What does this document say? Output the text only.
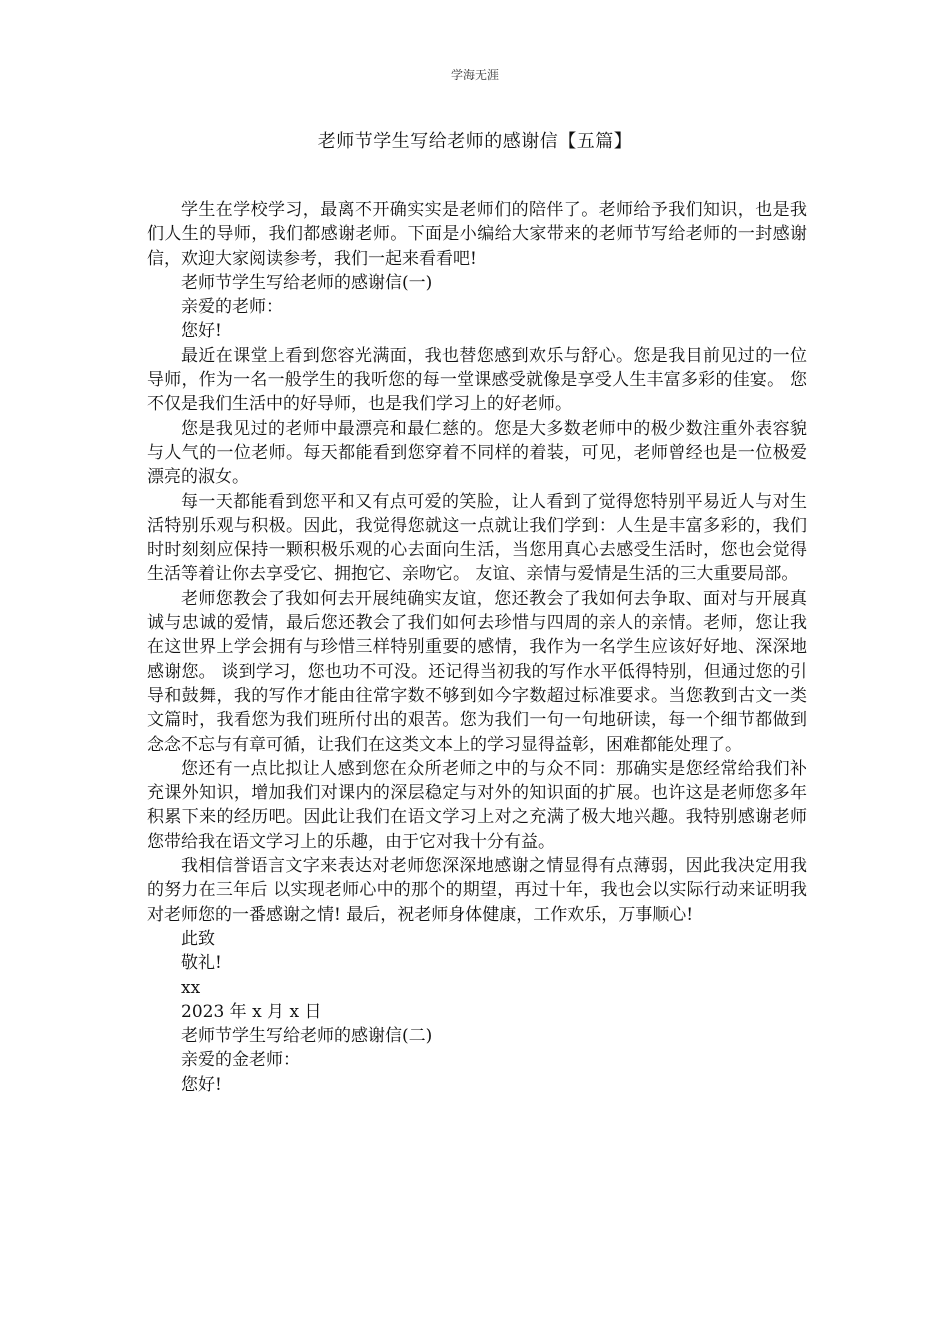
学海无涯
老师节学生写给老师的感谢信【五篇】

学生在学校学习，最离不开确实实是老师们的陪伴了。老师给予我们知识，也是我们人生的导师，我们都感谢老师。下面是小编给大家带来的老师节写给老师的一封感谢信，欢迎大家阅读参考，我们一起来看看吧!

老师节学生写给老师的感谢信(一)

亲爱的老师：

您好!

最近在课堂上看到您容光满面，我也替您感到欢乐与舒心。您是我目前见过的一位导师，作为一名一般学生的我听您的每一堂课感受就像是享受人生丰富多彩的佳宴。 您不仅是我们生活中的好导师，也是我们学习上的好老师。

您是我见过的老师中最漂亮和最仁慈的。您是大多数老师中的极少数注重外表容貌与人气的一位老师。每天都能看到您穿着不同样的着装，可见，老师曾经也是一位极爱漂亮的淑女。

每一天都能看到您平和又有点可爱的笑脸，让人看到了觉得您特别平易近人与对生活特别乐观与积极。因此，我觉得您就这一点就让我们学到：人生是丰富多彩的，我们时时刻刻应保持一颗积极乐观的心去面向生活，当您用真心去感受生活时，您也会觉得生活等着让你去享受它、拥抱它、亲吻它。 友谊、亲情与爱情是生活的三大重要局部。

老师您教会了我如何去开展纯确实友谊，您还教会了我如何去争取、面对与开展真诚与忠诚的爱情，最后您还教会了我们如何去珍惜与四周的亲人的亲情。老师，您让我在这世界上学会拥有与珍惜三样特别重要的感情，我作为一名学生应该好好地、深深地感谢您。 谈到学习，您也功不可没。还记得当初我的写作水平低得特别，但通过您的引导和鼓舞，我的写作才能由往常字数不够到如今字数超过标准要求。当您教到古文一类文篇时，我看您为我们班所付出的艰苦。您为我们一句一句地研读，每一个细节都做到念念不忘与有章可循，让我们在这类文本上的学习显得益彰，困难都能处理了。

您还有一点比拟让人感到您在众所老师之中的与众不同：那确实是您经常给我们补充课外知识，增加我们对课内的深层稳定与对外的知识面的扩展。也许这是老师您多年积累下来的经历吧。因此让我们在语文学习上对之充满了极大地兴趣。我特别感谢老师您带给我在语文学习上的乐趣，由于它对我十分有益。

我相信誉语言文字来表达对老师您深深地感谢之情显得有点薄弱，因此我决定用我的努力在三年后 以实现老师心中的那个的期望，再过十年，我也会以实际行动来证明我对老师您的一番感谢之情! 最后，祝老师身体健康，工作欢乐，万事顺心!

此致

敬礼!

xx

2023 年 x 月 x 日

老师节学生写给老师的感谢信(二)

亲爱的金老师：

您好!
